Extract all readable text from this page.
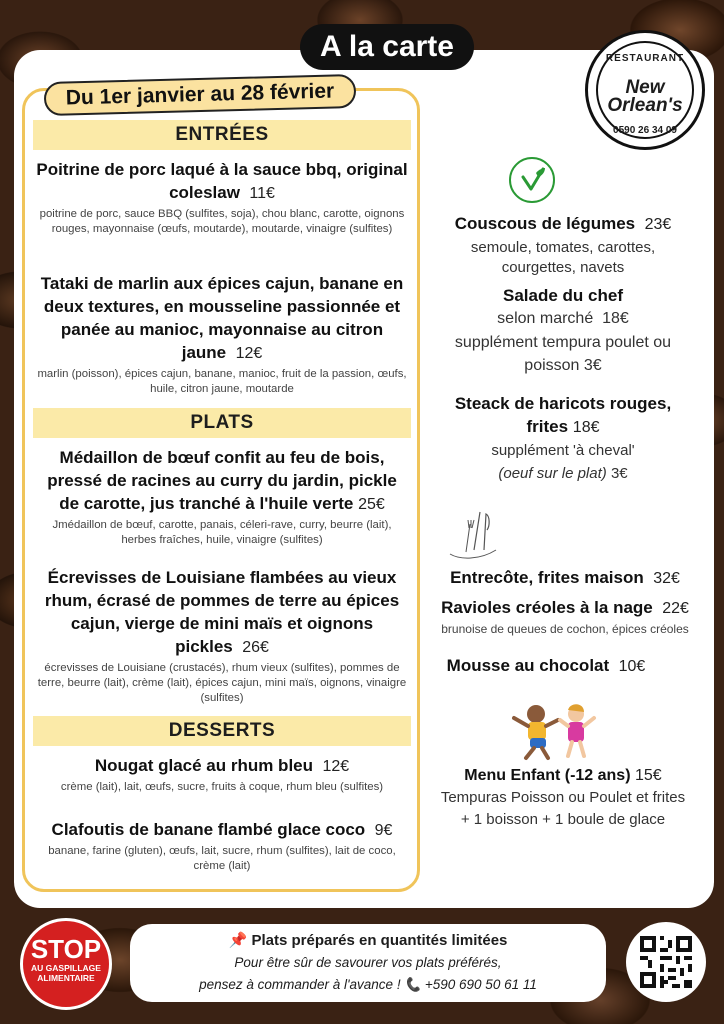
A la carte	RESTAURANT
New
Orlean's
0590 26 34 09
Du 1er janvier au 28 février
ENTRÉES
Poitrine de porc laqué à la sauce bbq, original coleslaw 11€
poitrine de porc, sauce BBQ (sulfites, soja), chou blanc, carotte, oignons rouges, mayonnaise (œufs, moutarde), moutarde, vinaigre (sulfites)
Tataki de marlin aux épices cajun, banane en deux textures, en mousseline passionnée et panée au manioc, mayonnaise au citron jaune 12€
marlin (poisson), épices cajun, banane, manioc, fruit de la passion, œufs, huile, citron jaune, moutarde
PLATS
Médaillon de bœuf confit au feu de bois, pressé de racines au curry du jardin, pickle de carotte, jus tranché à l'huile verte 25€
Jmédaillon de bœuf, carotte, panais, céleri-rave, curry, beurre (lait), herbes fraîches, huile, vinaigre (sulfites)
Écrevisses de Louisiane flambées au vieux rhum, écrasé de pommes de terre au épices cajun, vierge de mini maïs et oignons pickles 26€
écrevisses de Louisiane (crustacés), rhum vieux (sulfites), pommes de terre, beurre (lait), crème (lait), épices cajun, mini maïs, oignons, vinaigre (sulfites)
DESSERTS
Nougat glacé au rhum bleu 12€
crème (lait), lait, œufs, sucre, fruits à coque, rhum bleu (sulfites)
Clafoutis de banane flambé glace coco 9€
banane, farine (gluten), œufs, lait, sucre, rhum (sulfites), lait de coco, crème (lait)
Couscous de légumes 23€
semoule, tomates, carottes, courgettes, navets
Salade du chef
selon marché 18€
supplément tempura poulet ou poisson 3€
Steack de haricots rouges, frites 18€
supplément 'à cheval'
(oeuf sur le plat) 3€
Entrecôte, frites maison 32€
Ravioles créoles à la nage 22€
brunoise de queues de cochon, épices créoles
Mousse au chocolat 10€
Menu Enfant (-12 ans) 15€
Tempuras Poisson ou Poulet et frites
+ 1 boisson + 1 boule de glace
STOP
AU GASPILLAGE
ALIMENTAIRE
📌 Plats préparés en quantités limitées
Pour être sûr de savourer vos plats préférés,
pensez à commander à l'avance ! 📞 +590 690 50 61 11
